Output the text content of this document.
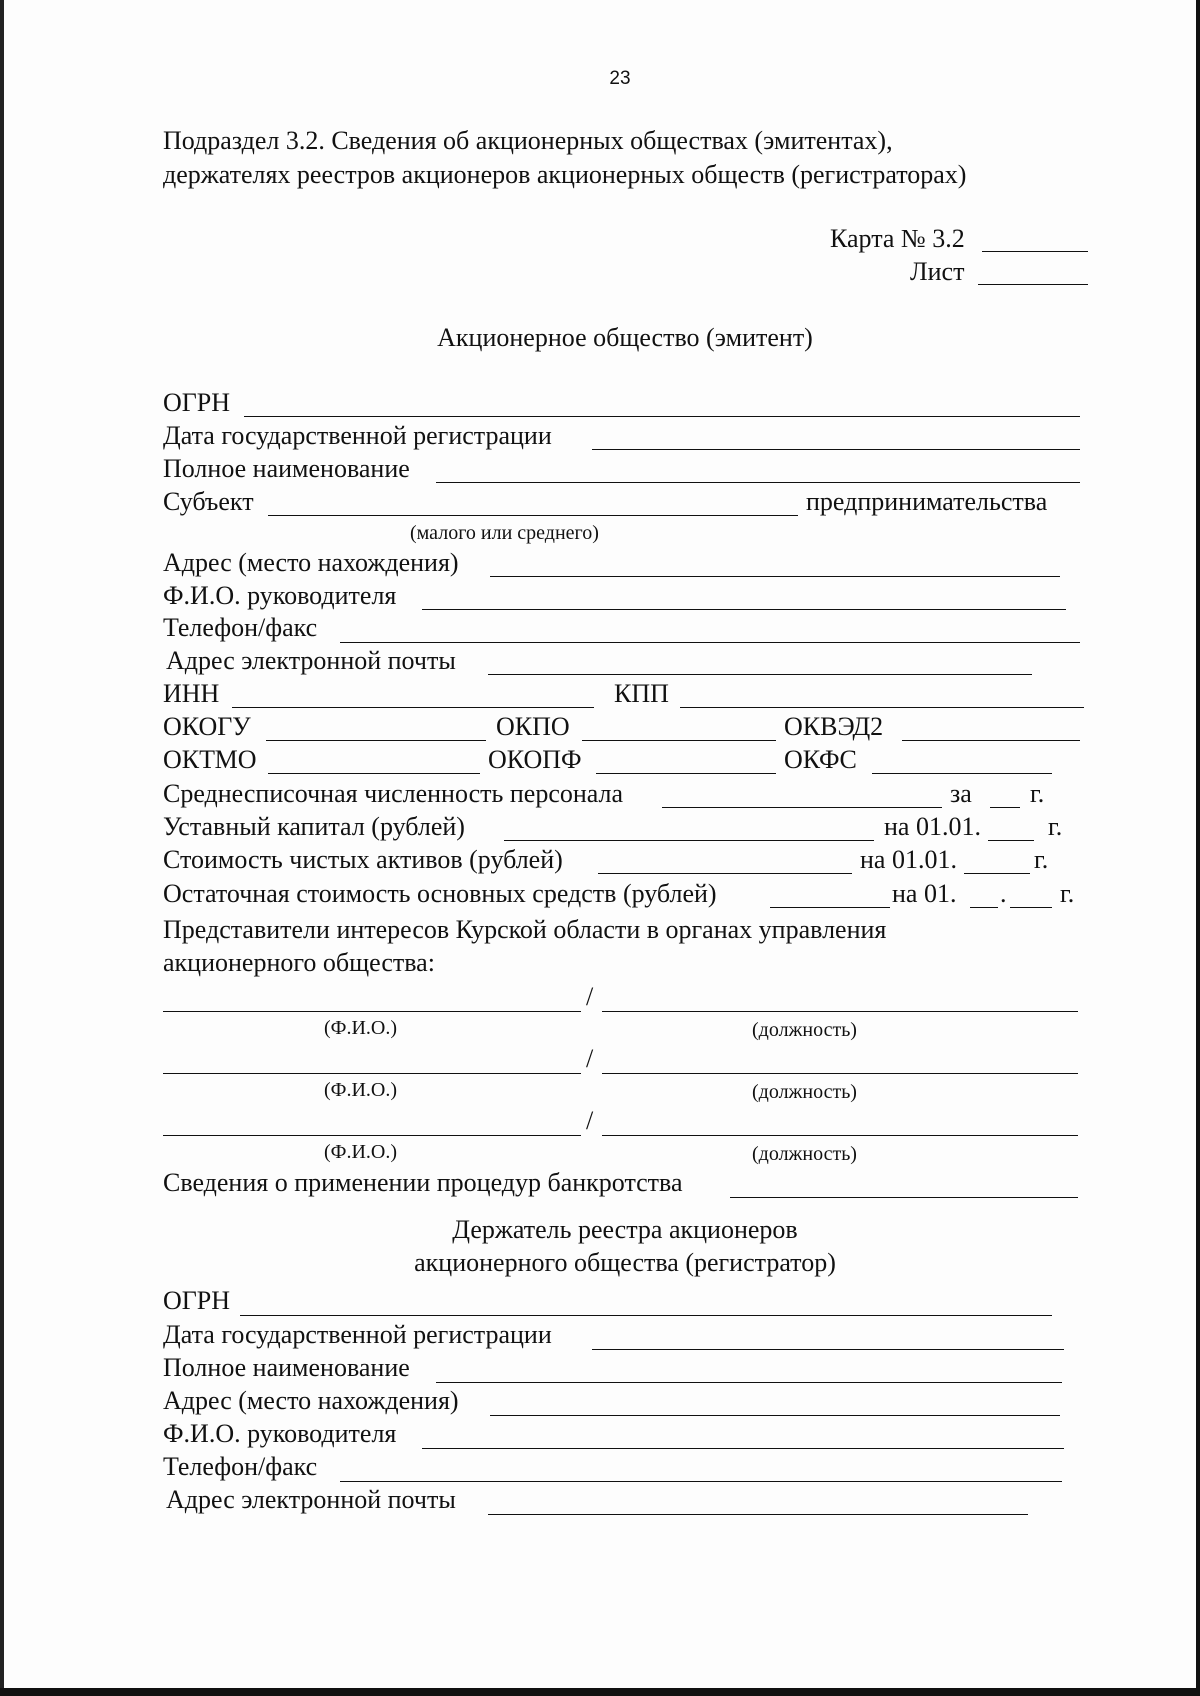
23
Подраздел 3.2. Сведения об акционерных обществах (эмитентах),
держателях реестров акционеров акционерных обществ (регистраторах)
Карта № 3.2
Лист
Акционерное общество (эмитент)
ОГРН
Дата государственной регистрации
Полное наименование
Субъект	предпринимательства
(малого или среднего)
Адрес (место нахождения)
Ф.И.О. руководителя
Телефон/факс
Адрес электронной почты
ИНН	КПП
ОКОГУ	ОКПО	ОКВЭД2
ОКТМО	ОКОПФ	ОКФС
Среднесписочная численность персонала	за г.
Уставный капитал (рублей)	на 01.01.	г.
Стоимость чистых активов (рублей)	на 01.01.	г.
Остаточная стоимость основных средств (рублей)	на 01. . г.
Представители интересов Курской области в органах управления
акционерного общества:
/
(Ф.И.О.)	(должность)
/
(Ф.И.О.)	(должность)
/
(Ф.И.О.)	(должность)
Сведения о применении процедур банкротства
Держатель реестра акционеров
акционерного общества (регистратор)
ОГРН
Дата государственной регистрации
Полное наименование
Адрес (место нахождения)
Ф.И.О. руководителя
Телефон/факс
Адрес электронной почты
